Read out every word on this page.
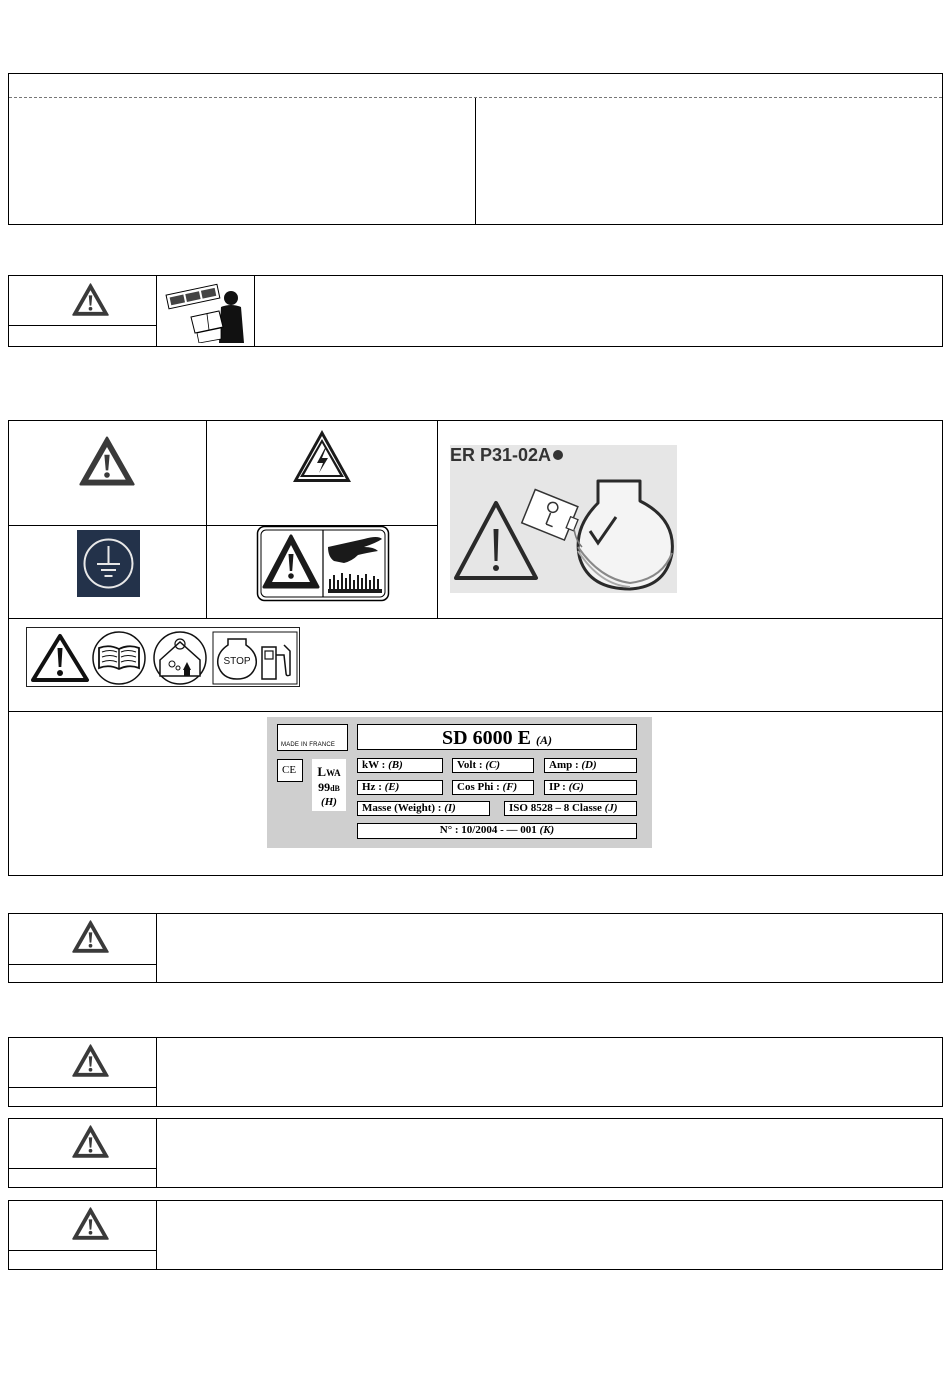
ER P31-02A
STOP
MADE IN FRANCE
CE	LWA
99dB
(H)
SD 6000 E (A)
kW : (B)	Volt : (C)	Amp : (D)
Hz : (E)	Cos Phi : (F)	IP : (G)
Masse (Weight) : (I)	ISO 8528 – 8 Classe (J)
N° : 10/2004 - –– 001 (K)
